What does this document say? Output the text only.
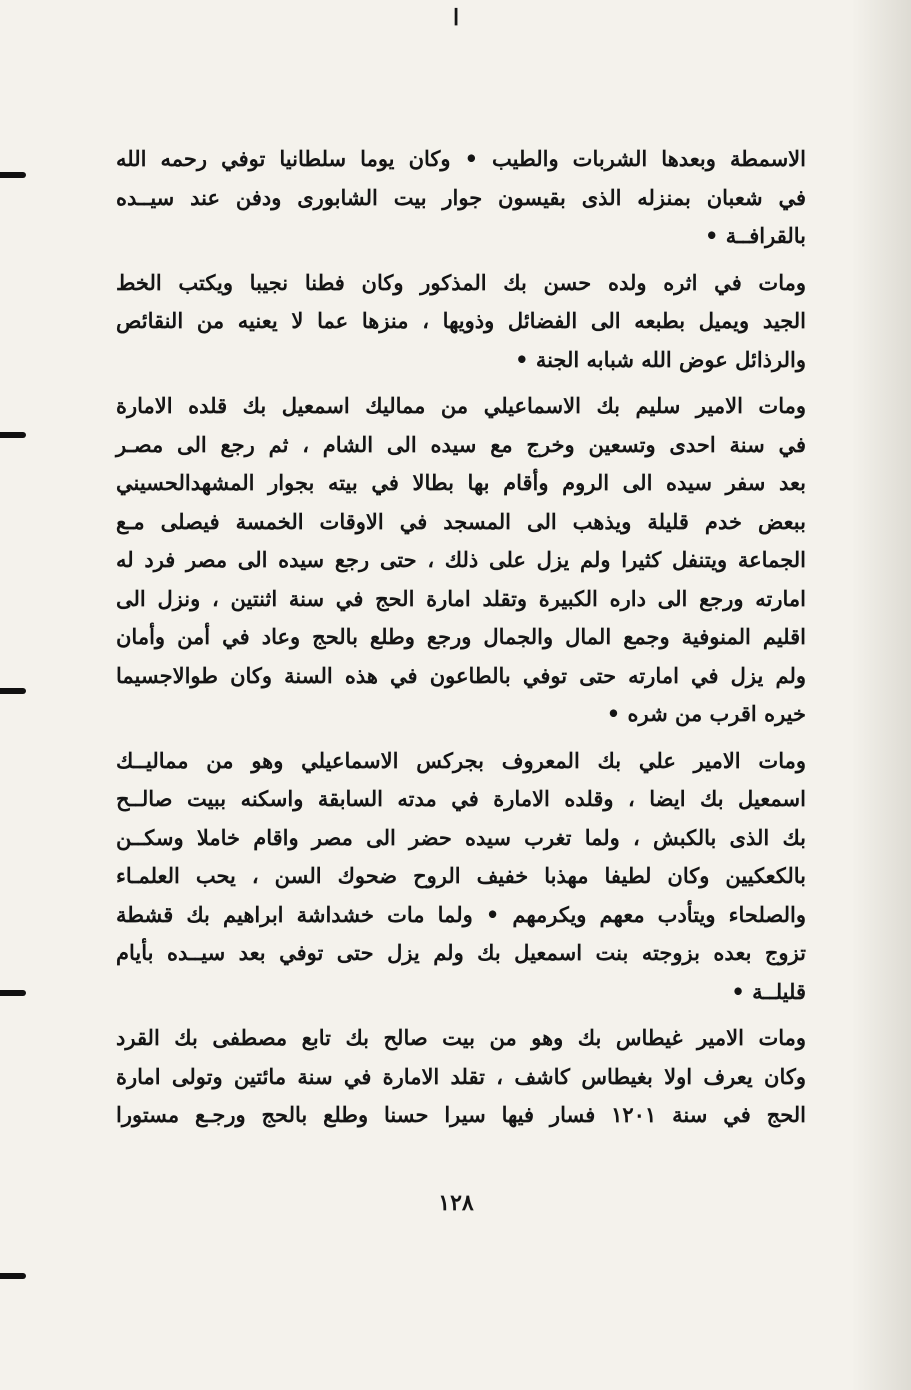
ا
الاسمطة وبعدها الشربات والطيب • وكان يوما سلطانيا توفي رحمه الله
في شعبان بمنزله الذى بقيسون جوار بيت الشابورى ودفن عند سيــده
بالقرافــة •
ومات في اثره ولده حسن بك المذكور وكان فطنا نجيبا ويكتب الخط
الجيد ويميل بطبعه الى الفضائل وذويها ، منزها عما لا يعنيه من النقائص
والرذائل عوض الله شبابه الجنة •
ومات الامير سليم بك الاسماعيلي من مماليك اسمعيل بك قلده الامارة
في سنة احدى وتسعين وخرج مع سيده الى الشام ، ثم رجع الى مصـر
بعد سفر سيده الى الروم وأقام بها بطالا في بيته بجوار المشهدالحسيني
ببعض خدم قليلة ويذهب الى المسجد في الاوقات الخمسة فيصلى مـع
الجماعة ويتنفل كثيرا ولم يزل على ذلك ، حتى رجع سيده الى مصر فرد له
امارته ورجع الى داره الكبيرة وتقلد امارة الحج في سنة اثنتين ، ونزل الى
اقليم المنوفية وجمع المال والجمال ورجع وطلع بالحج وعاد في أمن وأمان
ولم يزل في امارته حتى توفي بالطاعون في هذه السنة وكان طوالاجسيما
خيره اقرب من شره •
ومات الامير علي بك المعروف بجركس الاسماعيلي وهو من مماليــك
اسمعيل بك ايضا ، وقلده الامارة في مدته السابقة واسكنه ببيت صالــح
بك الذى بالكبش ، ولما تغرب سيده حضر الى مصر واقام خاملا وسكــن
بالكعكيين وكان لطيفا مهذبا خفيف الروح ضحوك السن ، يحب العلمـاء
والصلحاء ويتأدب معهم ويكرمهم • ولما مات خشداشة ابراهيم بك قشطة
تزوج بعده بزوجته بنت اسمعيل بك ولم يزل حتى توفي بعد سيــده بأيام
قليلــة •
ومات الامير غيطاس بك وهو من بيت صالح بك تابع مصطفى بك القرد
وكان يعرف اولا بغيطاس كاشف ، تقلد الامارة في سنة مائتين وتولى امارة
الحج في سنة ١٢٠١ فسار فيها سيرا حسنا وطلع بالحج ورجـع مستورا
١٢٨
